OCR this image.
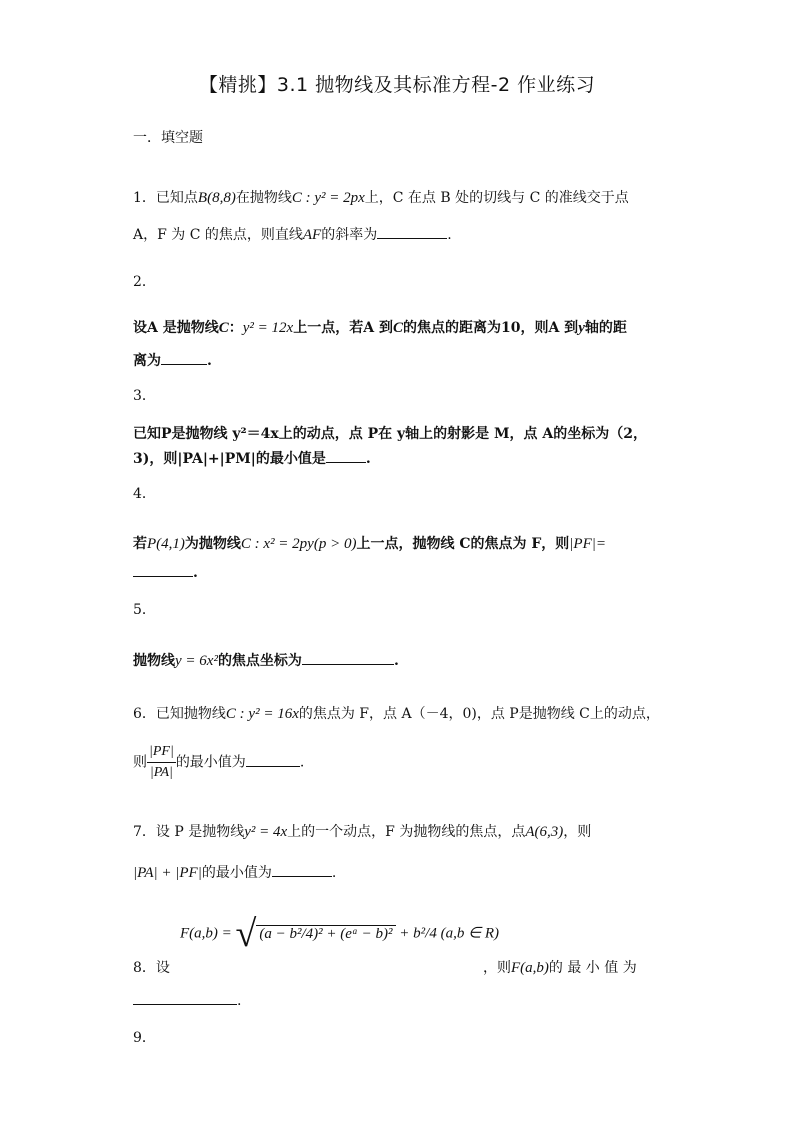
【精挑】3.1 抛物线及其标准方程-2 作业练习
一．填空题
1．已知点B(8,8)在抛物线C : y² = 2px上，C 在点 B 处的切线与 C 的准线交于点
A，F 为 C 的焦点，则直线AF的斜率为	.
2．
设A 是抛物线C：y² = 12x上一点，若A 到C的焦点的距离为10，则A 到y轴的距
离为	.
3．
已知P是抛物线 y²＝4x上的动点，点 P在 y轴上的射影是 M，点 A的坐标为（2，
3)，则|PA|+|PM|的最小值是	.
4．
若P(4,1)为抛物线C : x² = 2py(p > 0)上一点，抛物线 C的焦点为 F，则|PF|=
.
5．
抛物线y = 6x²的焦点坐标为	.
6．已知抛物线C : y² = 16x的焦点为 F，点 A（－4，0)，点 P是抛物线 C上的动点，
则 $\frac{|PF|}{|PA|}$ 的最小值为	.
7．设 P 是抛物线y² = 4x上的一个动点，F 为抛物线的焦点，点A(6,3)，则
|PA| + |PF|的最小值为	.
F(a,b) = √ (a − b²/4)² + (eᵃ − b)² + b²/4 (a,b ∈ R)
8．设	，则F(a,b)的 最 小 值 为
.
9．
